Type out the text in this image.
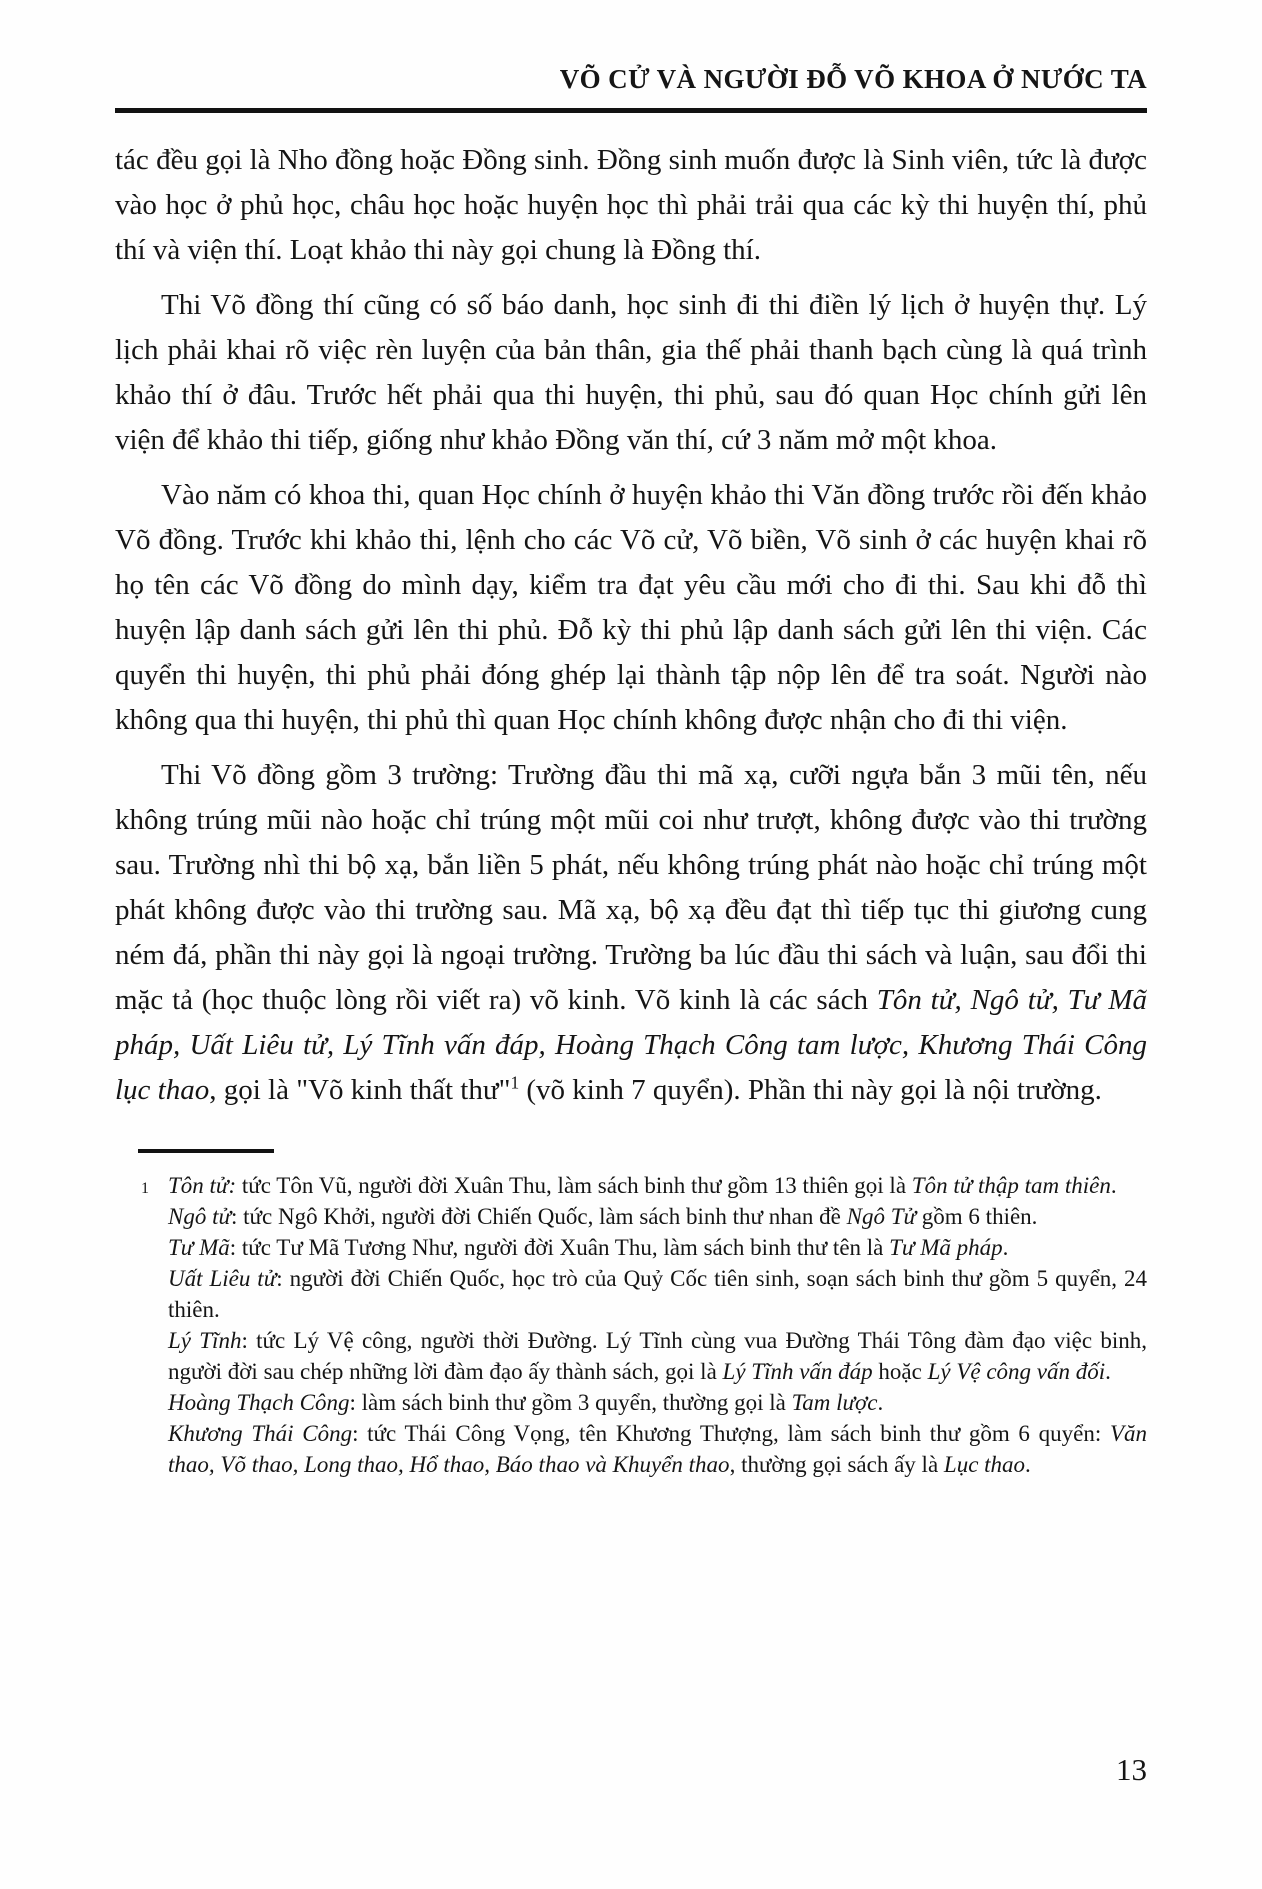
VÕ CỬ VÀ NGƯỜI ĐỖ VÕ KHOA Ở NƯỚC TA

tác đều gọi là Nho đồng hoặc Đồng sinh. Đồng sinh muốn được là Sinh viên, tức là được vào học ở phủ học, châu học hoặc huyện học thì phải trải qua các kỳ thi huyện thí, phủ thí và viện thí. Loạt khảo thi này gọi chung là Đồng thí.

Thi Võ đồng thí cũng có số báo danh, học sinh đi thi điền lý lịch ở huyện thự. Lý lịch phải khai rõ việc rèn luyện của bản thân, gia thế phải thanh bạch cùng là quá trình khảo thí ở đâu. Trước hết phải qua thi huyện, thi phủ, sau đó quan Học chính gửi lên viện để khảo thi tiếp, giống như khảo Đồng văn thí, cứ 3 năm mở một khoa.

Vào năm có khoa thi, quan Học chính ở huyện khảo thi Văn đồng trước rồi đến khảo Võ đồng. Trước khi khảo thi, lệnh cho các Võ cử, Võ biền, Võ sinh ở các huyện khai rõ họ tên các Võ đồng do mình dạy, kiểm tra đạt yêu cầu mới cho đi thi. Sau khi đỗ thì huyện lập danh sách gửi lên thi phủ. Đỗ kỳ thi phủ lập danh sách gửi lên thi viện. Các quyển thi huyện, thi phủ phải đóng ghép lại thành tập nộp lên để tra soát. Người nào không qua thi huyện, thi phủ thì quan Học chính không được nhận cho đi thi viện.

Thi Võ đồng gồm 3 trường: Trường đầu thi mã xạ, cưỡi ngựa bắn 3 mũi tên, nếu không trúng mũi nào hoặc chỉ trúng một mũi coi như trượt, không được vào thi trường sau. Trường nhì thi bộ xạ, bắn liền 5 phát, nếu không trúng phát nào hoặc chỉ trúng một phát không được vào thi trường sau. Mã xạ, bộ xạ đều đạt thì tiếp tục thi giương cung ném đá, phần thi này gọi là ngoại trường. Trường ba lúc đầu thi sách và luận, sau đổi thi mặc tả (học thuộc lòng rồi viết ra) võ kinh. Võ kinh là các sách Tôn tử, Ngô tử, Tư Mã pháp, Uất Liêu tử, Lý Tĩnh vấn đáp, Hoàng Thạch Công tam lược, Khương Thái Công lục thao, gọi là "Võ kinh thất thư"$^1$ (võ kinh 7 quyển). Phần thi này gọi là nội trường.

1 Tôn tử: tức Tôn Vũ, người đời Xuân Thu, làm sách binh thư gồm 13 thiên gọi là Tôn tử thập tam thiên.
Ngô tử: tức Ngô Khởi, người đời Chiến Quốc, làm sách binh thư nhan đề Ngô Tử gồm 6 thiên.
Tư Mã: tức Tư Mã Tương Như, người đời Xuân Thu, làm sách binh thư tên là Tư Mã pháp.
Uất Liêu tử: người đời Chiến Quốc, học trò của Quỷ Cốc tiên sinh, soạn sách binh thư gồm 5 quyển, 24 thiên.
Lý Tĩnh: tức Lý Vệ công, người thời Đường. Lý Tĩnh cùng vua Đường Thái Tông đàm đạo việc binh, người đời sau chép những lời đàm đạo ấy thành sách, gọi là Lý Tĩnh vấn đáp hoặc Lý Vệ công vấn đối.
Hoàng Thạch Công: làm sách binh thư gồm 3 quyển, thường gọi là Tam lược.
Khương Thái Công: tức Thái Công Vọng, tên Khương Thượng, làm sách binh thư gồm 6 quyển: Văn thao, Võ thao, Long thao, Hổ thao, Báo thao và Khuyển thao, thường gọi sách ấy là Lục thao.
13
